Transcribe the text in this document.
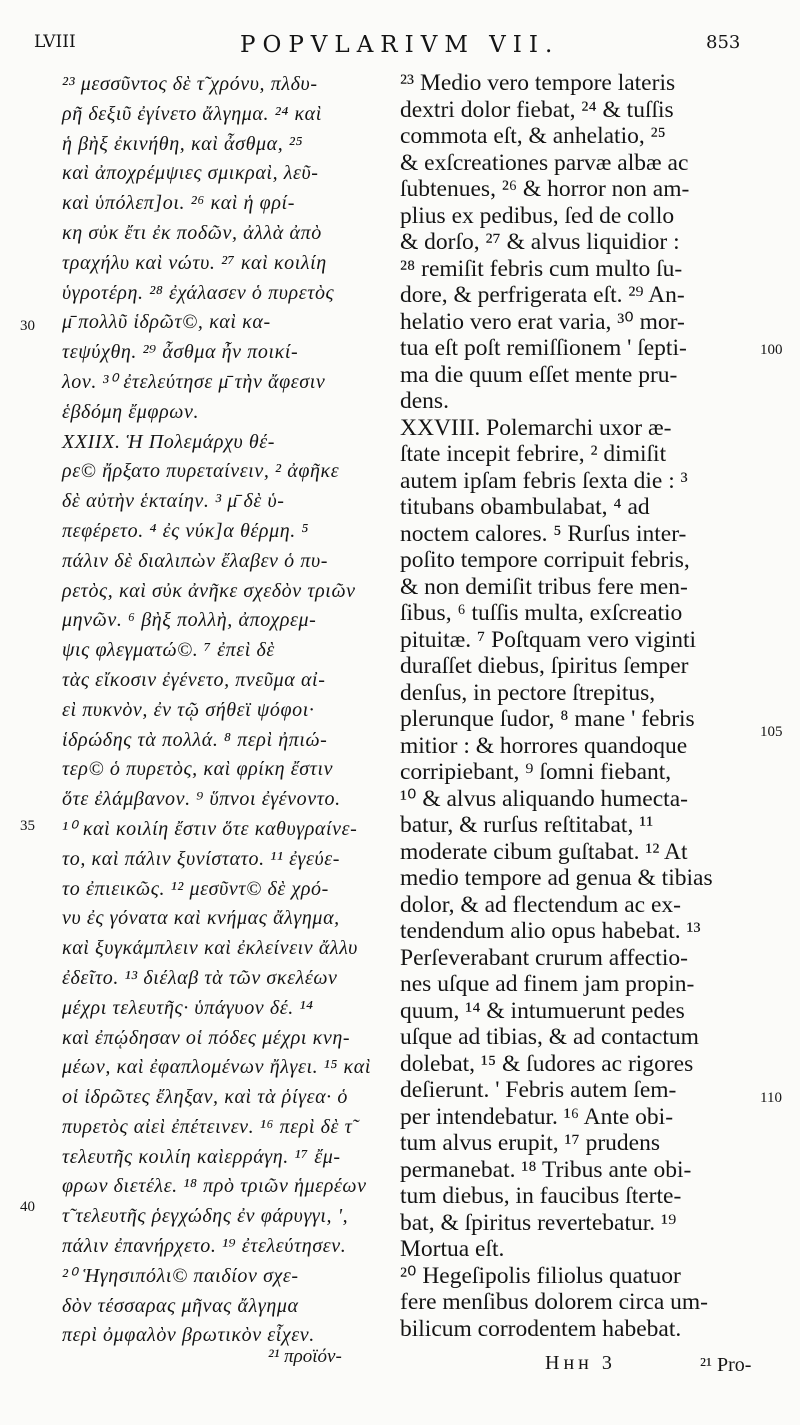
LVIII	POPVLARIVM VII.	853
²³ μεσσῦντος δὲ τ̃ χρόνυ, πλδυ-
ρῆ δεξιῦ ἐγίνετο ἄλγημα. ²⁴ καὶ
ἡ βὴξ ἐκινήθη, καὶ ἆσθμα, ²⁵
καὶ ἀποχρέμψιες σμικραὶ, λεῦ-
καὶ ὑπόλεπ]οι. ²⁶ καὶ ἡ φρί-
κη σὐκ ἔτι ἐκ ποδῶν, ἀλλὰ ἀπὸ
τραχήλυ καὶ νώτυ. ²⁷ καὶ κοιλίη
ὑγροτέρη. ²⁸ ἐχάλασεν ὁ πυρετὸς
μ̄ πολλῦ ἱδρῶτ©, καὶ κα-
τεψύχθη. ²⁹ ἆσθμα ἦν ποικί-
λον. ³⁰ ἐτελεύτησε μ̄ τὴν ἄφεσιν
ἑβδόμη ἔμφρων.
XXIIX. Ἡ Πολεμάρχυ θέ-
ρε© ἤρξατο πυρεταίνειν, ² ἀφῆκε
δὲ αὐτὴν ἑκταίην. ³ μ̄ δὲ ὑ-
πεφέρετο. ⁴ ἐς νύκ]α θέρμη. ⁵
πάλιν δὲ διαλιπὼν ἔλαβεν ὁ πυ-
ρετὸς, καὶ σὐκ ἀνῆκε σχεδὸν τριῶν
μηνῶν. ⁶ βὴξ πολλὴ, ἀποχρεμ-
ψις φλεγματώ©. ⁷ ἐπεὶ δὲ
τὰς εἴκοσιν ἐγένετο, πνεῦμα αἰ-
εὶ πυκνὸν, ἐν τῷ σήθεϊ ψόφοι·
ἱδρώδης τὰ πολλά. ⁸ περὶ ἠπιώ-
τερ© ὁ πυρετὸς, καὶ φρίκη ἔστιν
ὅτε ἐλάμβανον. ⁹ ὕπνοι ἐγένοντο.
¹⁰ καὶ κοιλίη ἔστιν ὅτε καθυγραίνε-
το, καὶ πάλιν ξυνίστατο. ¹¹ ἐγεύε-
το ἐπιεικῶς. ¹² μεσῦντ© δὲ χρό-
νυ ἐς γόνατα καὶ κνήμας ἄλγημα,
καὶ ξυγκάμπλειν καὶ ἐκλείνειν ἄλλυ
ἐδεῖτο. ¹³ διέλαβ τὰ τῶν σκελέων
μέχρι τελευτῆς· ὑπάγυον δέ. ¹⁴
καὶ ἐπῴδησαν οἱ πόδες μέχρι κνη-
μέων, καὶ ἐφαπλομένων ἤλγει. ¹⁵ καὶ
οἱ ἱδρῶτες ἔληξαν, καὶ τὰ ῥίγεα· ὁ
πυρετὸς αἰεὶ ἐπέτεινεν. ¹⁶ περὶ δὲ τ̃
τελευτῆς κοιλίη καὶερράγη. ¹⁷ ἔμ-
φρων διετέλε. ¹⁸ πρὸ τριῶν ἡμερέων
τ̃ τελευτῆς ῥεγχώδης ἐν φάρυγγι, ',
πάλιν ἐπανήρχετο. ¹⁹ ἐτελεύτησεν.
²⁰ Ἡγησιπόλι© παιδίον σχε-
δὸν τέσσαρας μῆνας ἄλγημα
περὶ ὀμφαλὸν βρωτικὸν εἶχεν.
²³ Medio vero tempore lateris
dextri dolor fiebat, ²⁴ & tuſſis
commota eſt, & anhelatio, ²⁵
& exſcreationes parvæ albæ ac
ſubtenues, ²⁶ & horror non am-
plius ex pedibus, ſed de collo
& dorſo, ²⁷ & alvus liquidior :
²⁸ remiſit febris cum multo ſu-
dore, & perfrigerata eſt. ²⁹ An-
helatio vero erat varia, ³⁰ mor-
tua eſt poſt remiſſionem ' ſepti-
ma die quum eſſet mente pru-
dens.
XXVIII. Polemarchi uxor æ-
ſtate incepit febrire, ² dimiſit
autem ipſam febris ſexta die : ³
titubans obambulabat, ⁴ ad
noctem calores. ⁵ Rurſus inter-
poſito tempore corripuit febris,
& non demiſit tribus fere men-
ſibus, ⁶ tuſſis multa, exſcreatio
pituitæ. ⁷ Poſtquam vero viginti
duraſſet diebus, ſpiritus ſemper
denſus, in pectore ſtrepitus,
plerunque ſudor, ⁸ mane ' febris
mitior : & horrores quandoque
corripiebant, ⁹ ſomni fiebant,
¹⁰ & alvus aliquando humecta-
batur, & rurſus reſtitabat, ¹¹
moderate cibum guſtabat. ¹² At
medio tempore ad genua & tibias
dolor, & ad flectendum ac ex-
tendendum alio opus habebat. ¹³
Perſeverabant crurum affectio-
nes uſque ad finem jam propin-
quum, ¹⁴ & intumuerunt pedes
uſque ad tibias, & ad contactum
dolebat, ¹⁵ & ſudores ac rigores
deſierunt. ' Febris autem ſem-
per intendebatur. ¹⁶ Ante obi-
tum alvus erupit, ¹⁷ prudens
permanebat. ¹⁸ Tribus ante obi-
tum diebus, in faucibus ſterte-
bat, & ſpiritus revertebatur. ¹⁹
Mortua eſt.
²⁰ Hegeſipolis filiolus quatuor
fere menſibus dolorem circa um-
bilicum corrodentem habebat.
30
35
40
100
105
110
²¹ προϊόν-	Hнн 3	²¹ Pro-
